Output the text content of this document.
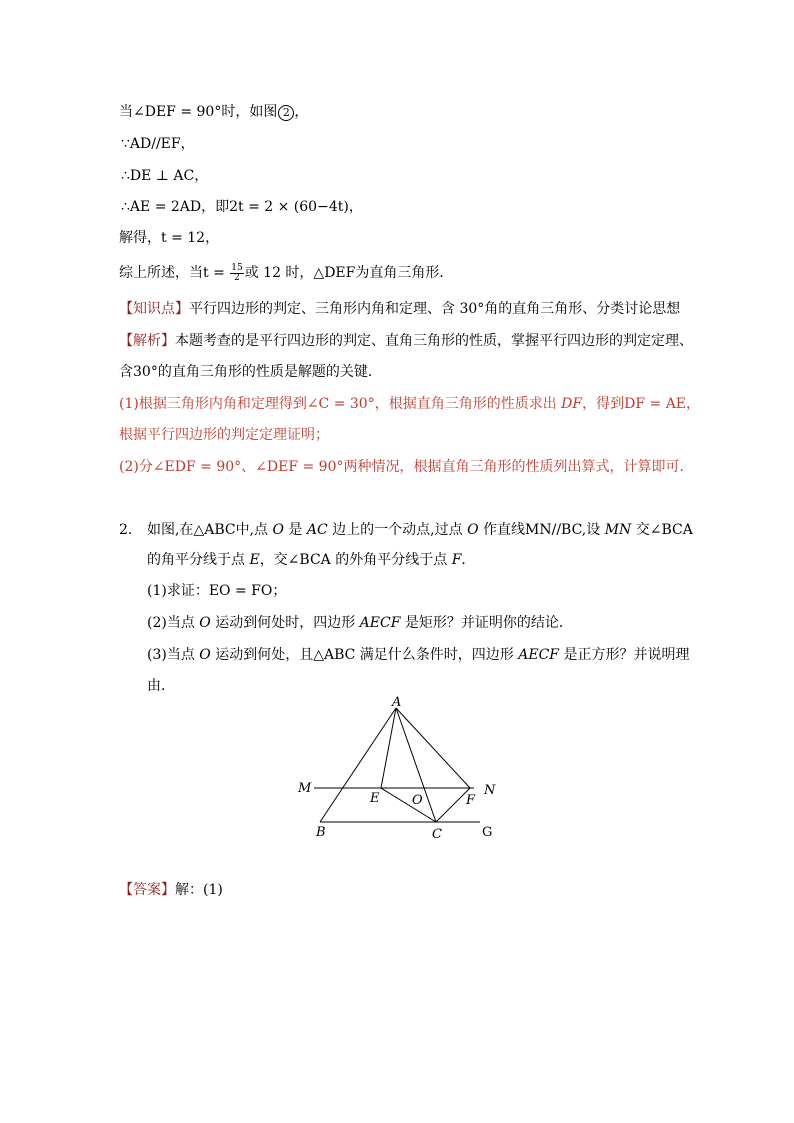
当∠DEF = 90°时，如图 2 ，
∵AD//EF，
∴DE ⊥ AC，
∴AE = 2AD，即2t = 2 × (60−4t)，
解得，t = 12，
综上所述，当$t = \frac{15}{2}$ 或 12 时，△DEF为直角三角形．
【知识点】平行四边形的判定、三角形内角和定理、含 30°角的直角三角形、分类讨论思想
【解析】本题考查的是平行四边形的判定、直角三角形的性质，掌握平行四边形的判定定理、
含30°的直角三角形的性质是解题的关键．
(1)根据三角形内角和定理得到∠C = 30°，根据直角三角形的性质求出 DF，得到DF = AE，
根据平行四边形的判定定理证明；
(2)分∠EDF = 90°、∠DEF = 90°两种情况，根据直角三角形的性质列出算式，计算即可．
2. 如图,在△ABC中,点 O 是 AC 边上的一个动点,过点 O 作直线MN//BC,设 MN 交∠BCA
的角平分线于点 E，交∠BCA 的外角平分线于点 F．
(1)求证：EO = FO；
(2)当点 O 运动到何处时，四边形 AECF 是矩形？并证明你的结论．
(3)当点 O 运动到何处，且△ABC 满足什么条件时，四边形 AECF 是正方形？并说明理
由．
A
M	N
E	O	F
B	C	G
【答案】解：(1)
